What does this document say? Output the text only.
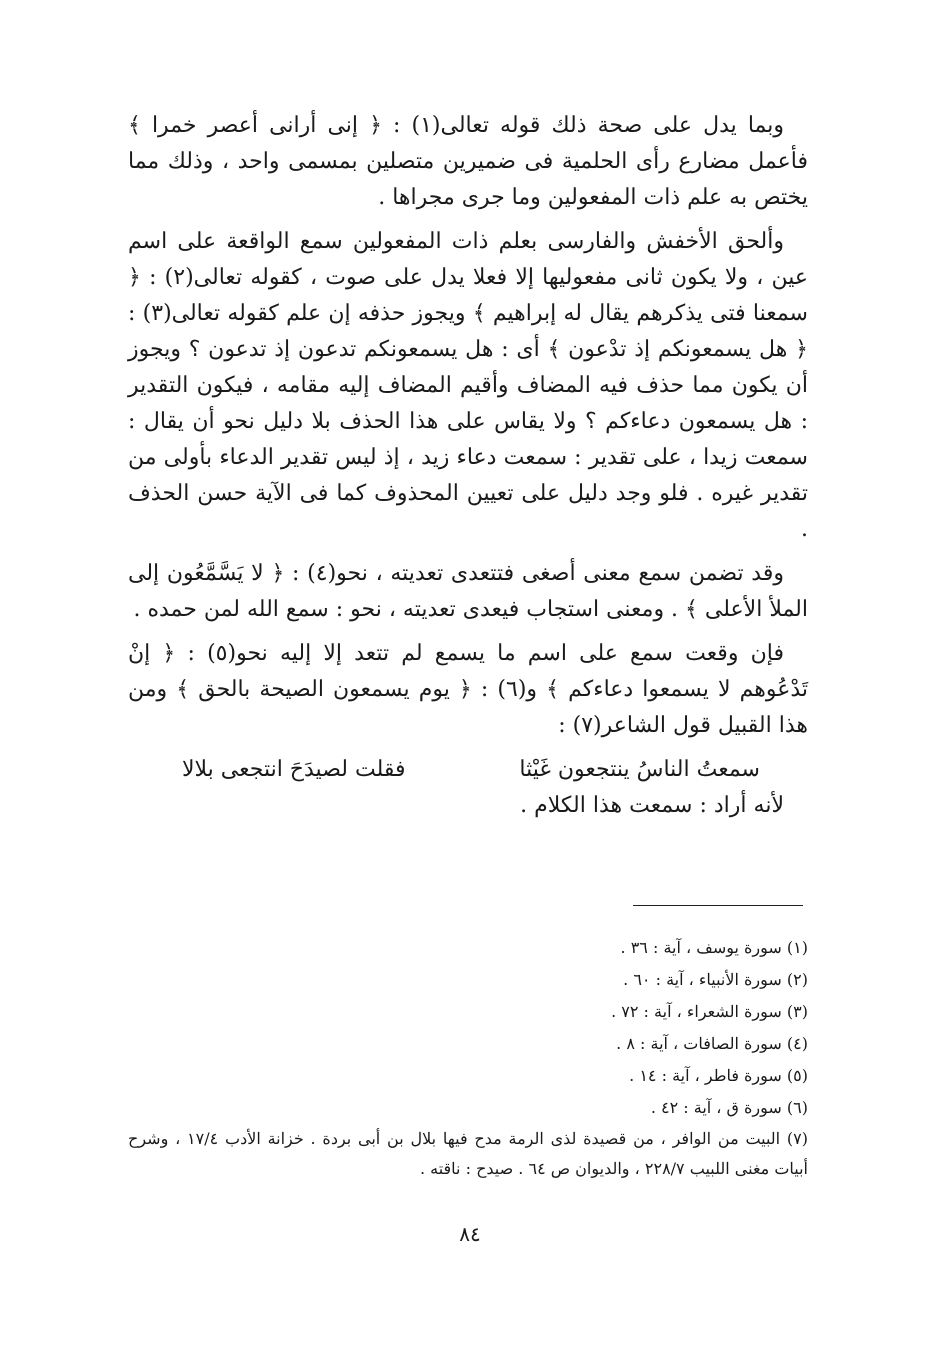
وبما يدل على صحة ذلك قوله تعالى(١) : ﴿ إنى أرانى أعصر خمرا ﴾ فأعمل مضارع رأى الحلمية فى ضميرين متصلين بمسمى واحد ، وذلك مما يختص به علم ذات المفعولين وما جرى مجراها .

وألحق الأخفش والفارسى بعلم ذات المفعولين سمع الواقعة على اسم عين ، ولا يكون ثانى مفعوليها إلا فعلا يدل على صوت ، كقوله تعالى(٢) : ﴿ سمعنا فتى يذكرهم يقال له إبراهيم ﴾ ويجوز حذفه إن علم كقوله تعالى(٣) : ﴿ هل يسمعونكم إذ تدْعون ﴾ أى : هل يسمعونكم تدعون إذ تدعون ؟ ويجوز أن يكون مما حذف فيه المضاف وأقيم المضاف إليه مقامه ، فيكون التقدير : هل يسمعون دعاءكم ؟ ولا يقاس على هذا الحذف بلا دليل نحو أن يقال : سمعت زيدا ، على تقدير : سمعت دعاء زيد ، إذ ليس تقدير الدعاء بأولى من تقدير غيره . فلو وجد دليل على تعيين المحذوف كما فى الآية حسن الحذف .

وقد تضمن سمع معنى أصغى فتتعدى تعديته ، نحو(٤) : ﴿ لا يَسَّمَّعُون إلى الملأ الأعلى ﴾ . ومعنى استجاب فيعدى تعديته ، نحو : سمع الله لمن حمده .

فإن وقعت سمع على اسم ما يسمع لم تتعد إلا إليه نحو(٥) : ﴿ إنْ تَدْعُوهم لا يسمعوا دعاءكم ﴾ و(٦) : ﴿ يوم يسمعون الصيحة بالحق ﴾ ومن هذا القبيل قول الشاعر(٧) :

سمعتُ الناسُ ينتجعون غَيْثا
فقلت لصيدَحَ انتجعى بلالا

لأنه أراد : سمعت هذا الكلام .

(١) سورة يوسف ، آية : ٣٦ .

(٢) سورة الأنبياء ، آية : ٦٠ .

(٣) سورة الشعراء ، آية : ٧٢ .

(٤) سورة الصافات ، آية : ٨ .

(٥) سورة فاطر ، آية : ١٤ .

(٦) سورة ق ، آية : ٤٢ .

(٧) البيت من الوافر ، من قصيدة لذى الرمة مدح فيها بلال بن أبى بردة . خزانة الأدب ١٧/٤ ، وشرح أبيات مغنى اللبيب ٢٢٨/٧ ، والديوان ص ٦٤ . صيدح : ناقته .

٨٤
